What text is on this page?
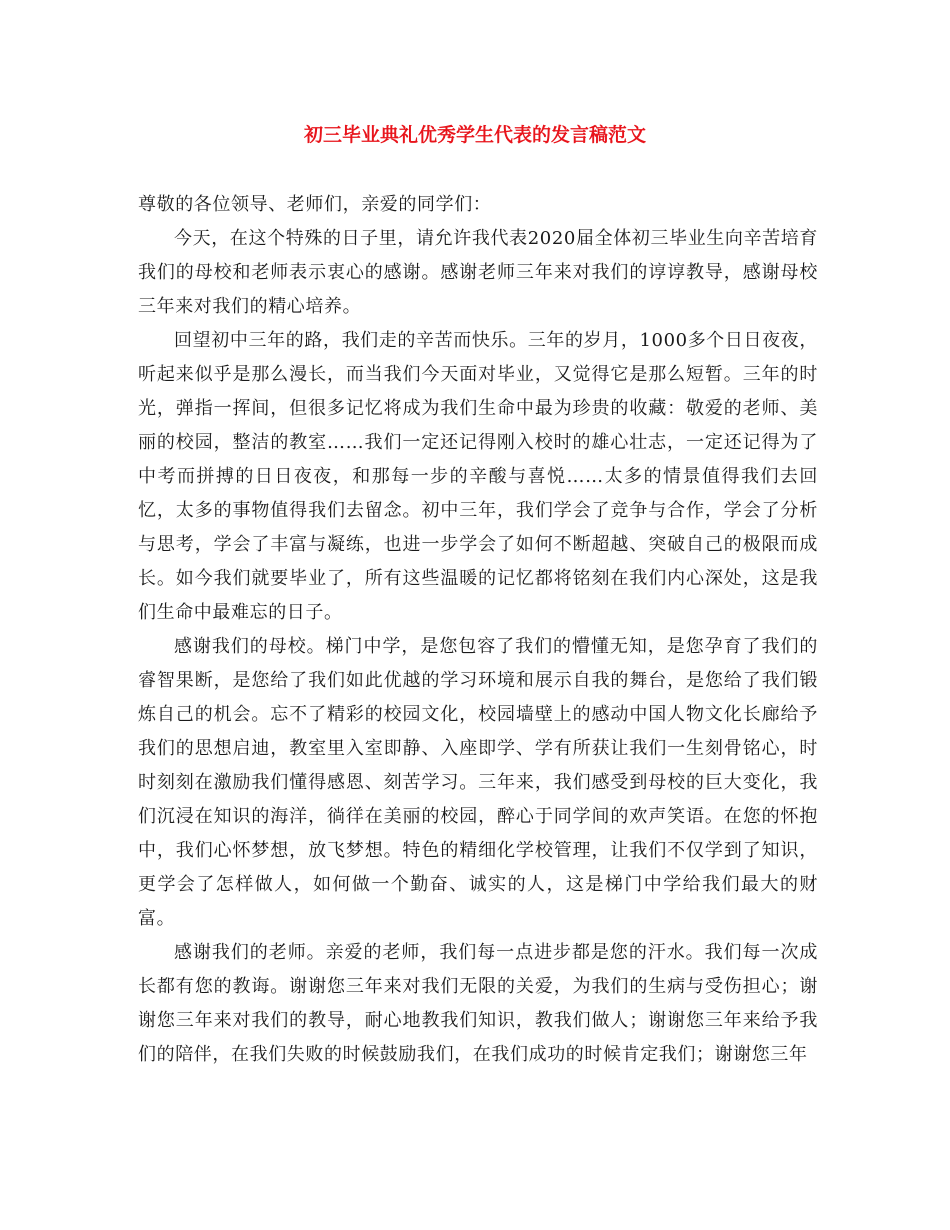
初三毕业典礼优秀学生代表的发言稿范文

尊敬的各位领导、老师们，亲爱的同学们：

今天，在这个特殊的日子里，请允许我代表2020届全体初三毕业生向辛苦培育我们的母校和老师表示衷心的感谢。感谢老师三年来对我们的谆谆教导，感谢母校三年来对我们的精心培养。

回望初中三年的路，我们走的辛苦而快乐。三年的岁月，1000多个日日夜夜，听起来似乎是那么漫长，而当我们今天面对毕业，又觉得它是那么短暂。三年的时光，弹指一挥间，但很多记忆将成为我们生命中最为珍贵的收藏：敬爱的老师、美丽的校园，整洁的教室……我们一定还记得刚入校时的雄心壮志，一定还记得为了中考而拼搏的日日夜夜，和那每一步的辛酸与喜悦……太多的情景值得我们去回忆，太多的事物值得我们去留念。初中三年，我们学会了竞争与合作，学会了分析与思考，学会了丰富与凝练，也进一步学会了如何不断超越、突破自己的极限而成长。如今我们就要毕业了，所有这些温暖的记忆都将铭刻在我们内心深处，这是我们生命中最难忘的日子。

感谢我们的母校。梯门中学，是您包容了我们的懵懂无知，是您孕育了我们的睿智果断，是您给了我们如此优越的学习环境和展示自我的舞台，是您给了我们锻炼自己的机会。忘不了精彩的校园文化，校园墙壁上的感动中国人物文化长廊给予我们的思想启迪，教室里入室即静、入座即学、学有所获让我们一生刻骨铭心，时时刻刻在激励我们懂得感恩、刻苦学习。三年来，我们感受到母校的巨大变化，我们沉浸在知识的海洋，徜徉在美丽的校园，醉心于同学间的欢声笑语。在您的怀抱中，我们心怀梦想，放飞梦想。特色的精细化学校管理，让我们不仅学到了知识，更学会了怎样做人，如何做一个勤奋、诚实的人，这是梯门中学给我们最大的财富。

感谢我们的老师。亲爱的老师，我们每一点进步都是您的汗水。我们每一次成长都有您的教诲。谢谢您三年来对我们无限的关爱，为我们的生病与受伤担心；谢谢您三年来对我们的教导，耐心地教我们知识，教我们做人；谢谢您三年来给予我们的陪伴，在我们失败的时候鼓励我们，在我们成功的时候肯定我们；谢谢您三年
